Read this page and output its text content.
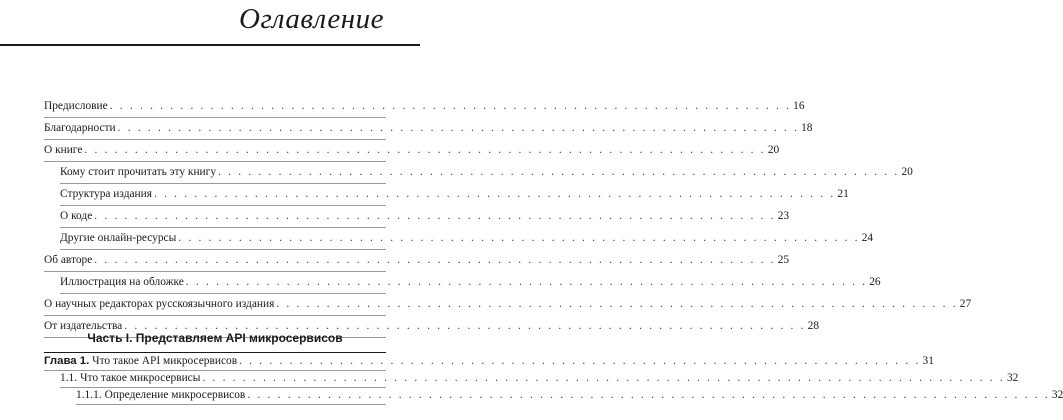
Оглавление
Предисловие . . . . . . . . . . . . . . . . . . . . . . . . . . . . . . . . . . . . . . . . . . . . . . . . . . . . . . . . . . . . . . . . . . . . 16
Благодарности . . . . . . . . . . . . . . . . . . . . . . . . . . . . . . . . . . . . . . . . . . . . . . . . . . . . . . . . . . . . . . . . . . . . 18
О книге . . . . . . . . . . . . . . . . . . . . . . . . . . . . . . . . . . . . . . . . . . . . . . . . . . . . . . . . . . . . . . . . . . . . 20
Кому стоит прочитать эту книгу . . . . . . . . . . . . . . . . . . . . . . . . . . . . . . . . . . . . . . . . . . . . . . . . . . . . . . . . . . . . . . . . . . . . 20
Структура издания . . . . . . . . . . . . . . . . . . . . . . . . . . . . . . . . . . . . . . . . . . . . . . . . . . . . . . . . . . . . . . . . . . . . 21
О коде . . . . . . . . . . . . . . . . . . . . . . . . . . . . . . . . . . . . . . . . . . . . . . . . . . . . . . . . . . . . . . . . . . . . 23
Другие онлайн-ресурсы . . . . . . . . . . . . . . . . . . . . . . . . . . . . . . . . . . . . . . . . . . . . . . . . . . . . . . . . . . . . . . . . . . . . 24
Об авторе . . . . . . . . . . . . . . . . . . . . . . . . . . . . . . . . . . . . . . . . . . . . . . . . . . . . . . . . . . . . . . . . . . . . 25
Иллюстрация на обложке . . . . . . . . . . . . . . . . . . . . . . . . . . . . . . . . . . . . . . . . . . . . . . . . . . . . . . . . . . . . . . . . . . . . 26
О научных редакторах русскоязычного издания . . . . . . . . . . . . . . . . . . . . . . . . . . . . . . . . . . . . . . . . . . . . . . . . . . . . . . . . . . . . . . . . . . . . 27
От издательства . . . . . . . . . . . . . . . . . . . . . . . . . . . . . . . . . . . . . . . . . . . . . . . . . . . . . . . . . . . . . . . . . . . . 28
Часть I. Представляем API микросервисов
Глава 1. Что такое API микросервисов . . . . . . . . . . . . . . . . . . . . . . . . . . . . . . . . . . . . . . . . . . . . . . . . . . . . . . . . . . . . . . . . . . . . 31
1.1. Что такое микросервисы . . . . . . . . . . . . . . . . . . . . . . . . . . . . . . . . . . . . . . . . . . . . . . . . . . . . . . . . . . . . . . . . . . . . . . . . . . . . . . . . 32
1.1.1. Определение микросервисов . . . . . . . . . . . . . . . . . . . . . . . . . . . . . . . . . . . . . . . . . . . . . . . . . . . . . . . . . . . . . . . . . . . . . . . . . . . . . . . . 32
